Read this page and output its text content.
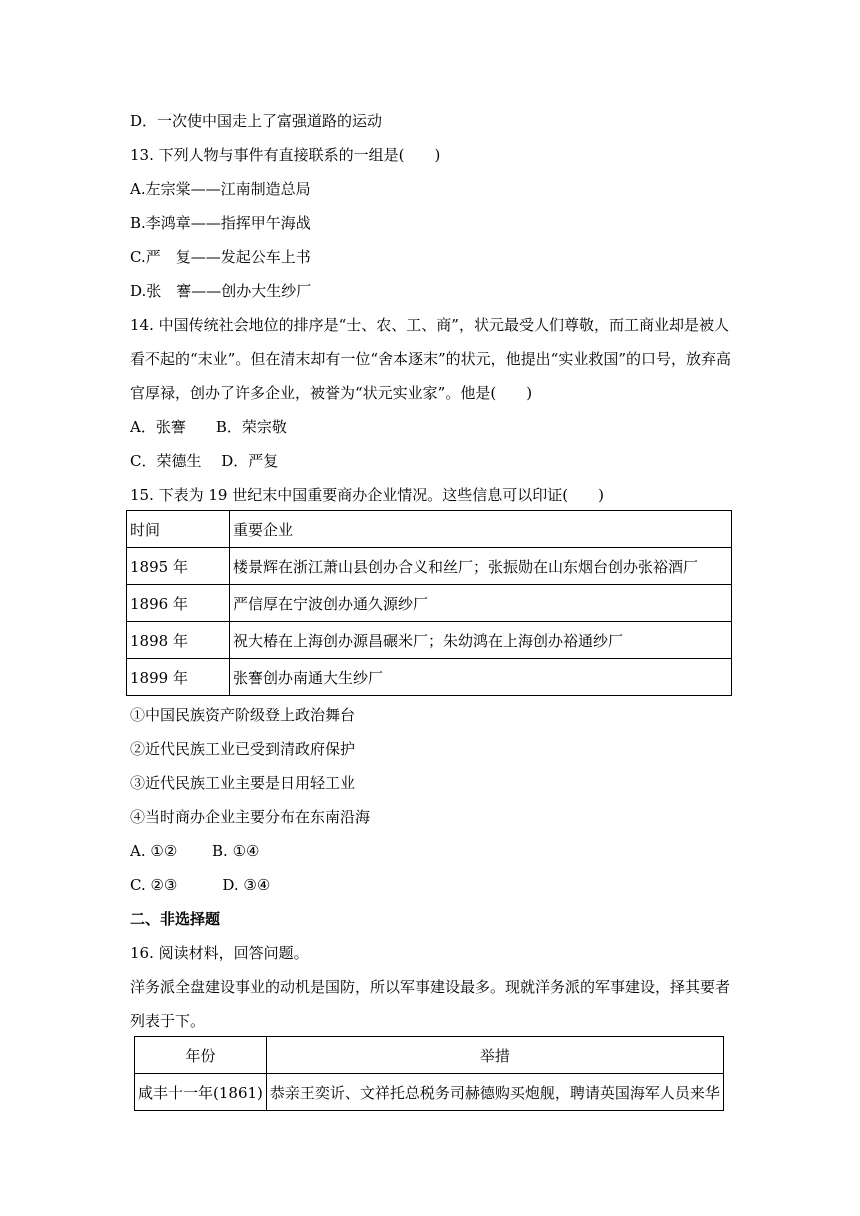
D．一次使中国走上了富强道路的运动
13. 下列人物与事件有直接联系的一组是(　　)
A.左宗棠——江南制造总局
B.李鸿章——指挥甲午海战
C.严　复——发起公车上书
D.张　謇——创办大生纱厂
14. 中国传统社会地位的排序是“士、农、工、商”，状元最受人们尊敬，而工商业却是被人
看不起的“末业”。但在清末却有一位“舍本逐末”的状元，他提出“实业救国”的口号，放弃高
官厚禄，创办了许多企业，被誉为“状元实业家”。他是(　　)
A．张謇　　B．荣宗敬
C．荣德生　 D．严复
15. 下表为 19 世纪末中国重要商办企业情况。这些信息可以印证(　　)
时间	重要企业
1895 年	楼景辉在浙江萧山县创办合义和丝厂；张振勋在山东烟台创办张裕酒厂
1896 年	严信厚在宁波创办通久源纱厂
1898 年	祝大椿在上海创办源昌碾米厂；朱幼鸿在上海创办裕通纱厂
1899 年	张謇创办南通大生纱厂
①中国民族资产阶级登上政治舞台
②近代民族工业已受到清政府保护
③近代民族工业主要是日用轻工业
④当时商办企业主要分布在东南沿海
A. ①②　　 B. ①④
C. ②③　　　D. ③④
二、非选择题
16. 阅读材料，回答问题。
洋务派全盘建设事业的动机是国防，所以军事建设最多。现就洋务派的军事建设，择其要者
列表于下。
年份	举措
咸丰十一年(1861)	恭亲王奕䜣、文祥托总税务司赫德购买炮舰，聘请英国海军人员来华
